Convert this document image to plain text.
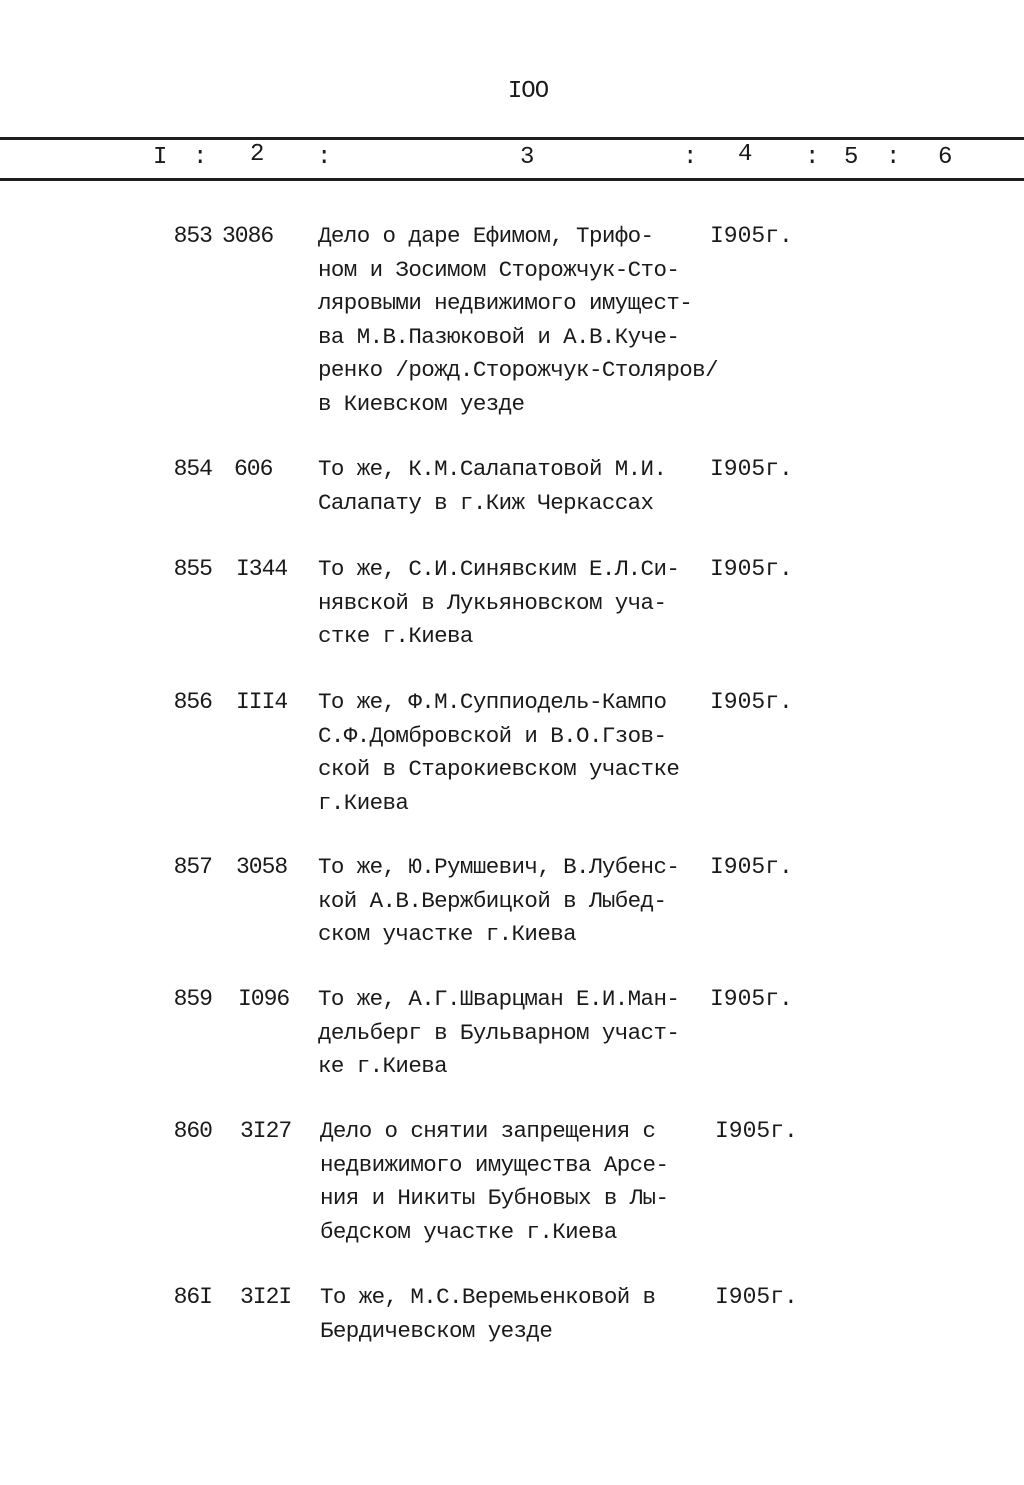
IOO
I : 2 :	3	: 4 : 5 : 6
853 3086 Дело о даре Ефимом, Трифо-
ном и Зосимом Сторожчук-Сто-
ляровыми недвижимого имущест-
ва М.В.Пазюковой и А.В.Куче-
ренко /рожд.Сторожчук-Столяров/
в Киевском уезде
I905г.
854 606 То же, К.М.Салапатовой М.И.
Салапату в г.Киж Черкассах
I905г.
855 I344 То же, С.И.Синявским Е.Л.Си-
нявской в Лукьяновском уча-
стке г.Киева
I905г.
856 III4 То же, Ф.М.Суппиодель-Кампо
С.Ф.Домбровской и В.О.Гзов-
ской в Старокиевском участке
г.Киева
I905г.
857 3058 То же, Ю.Румшевич, В.Лубенс-
кой А.В.Вержбицкой в Лыбед-
ском участке г.Киева
I905г.
859 I096 То же, А.Г.Шварцман Е.И.Ман-
дельберг в Бульварном участ-
ке г.Киева
I905г.
860 3I27 Дело о снятии запрещения с
недвижимого имущества Арсе-
ния и Никиты Бубновых в Лы-
бедском участке г.Киева
I905г.
86I 3I2I То же, М.С.Веремьенковой в
Бердичевском уезде
I905г.
